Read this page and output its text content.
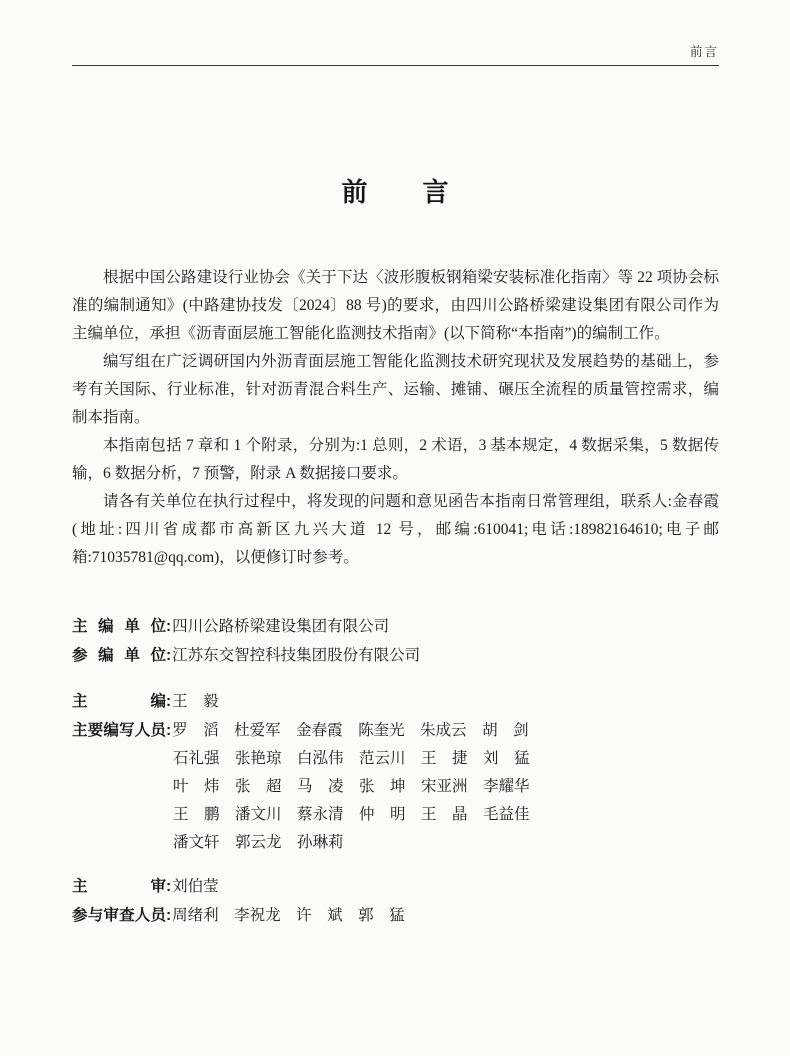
前言
前　　言

根据中国公路建设行业协会《关于下达〈波形腹板钢箱梁安装标准化指南〉等 22 项协会标准的编制通知》(中路建协技发〔2024〕88 号)的要求，由四川公路桥梁建设集团有限公司作为主编单位，承担《沥青面层施工智能化监测技术指南》(以下简称“本指南”)的编制工作。

编写组在广泛调研国内外沥青面层施工智能化监测技术研究现状及发展趋势的基础上，参考有关国际、行业标准，针对沥青混合料生产、运输、摊铺、碾压全流程的质量管控需求，编制本指南。

本指南包括 7 章和 1 个附录，分别为:1 总则，2 术语，3 基本规定，4 数据采集，5 数据传输，6 数据分析，7 预警，附录 A 数据接口要求。

请各有关单位在执行过程中，将发现的问题和意见函告本指南日常管理组，联系人:金春霞(地址:四川省成都市高新区九兴大道 12 号，邮编:610041;电话:18982164610;电子邮箱:71035781@qq.com)，以便修订时参考。

主编单位:四川公路桥梁建设集团有限公司
参编单位:江苏东交智控科技集团股份有限公司
主编:王　毅
主要编写人员:罗　滔　杜爱军　金春霞　陈奎光　朱成云　胡　剑
石礼强　张艳琼　白泓伟　范云川　王　捷　刘　猛
叶　炜　张　超　马　凌　张　坤　宋亚洲　李耀华
王　鹏　潘文川　蔡永清　仲　明　王　晶　毛益佳
潘文轩　郭云龙　孙琳莉
主审:刘伯莹
参与审查人员:周绪利　李祝龙　许　斌　郭　猛
